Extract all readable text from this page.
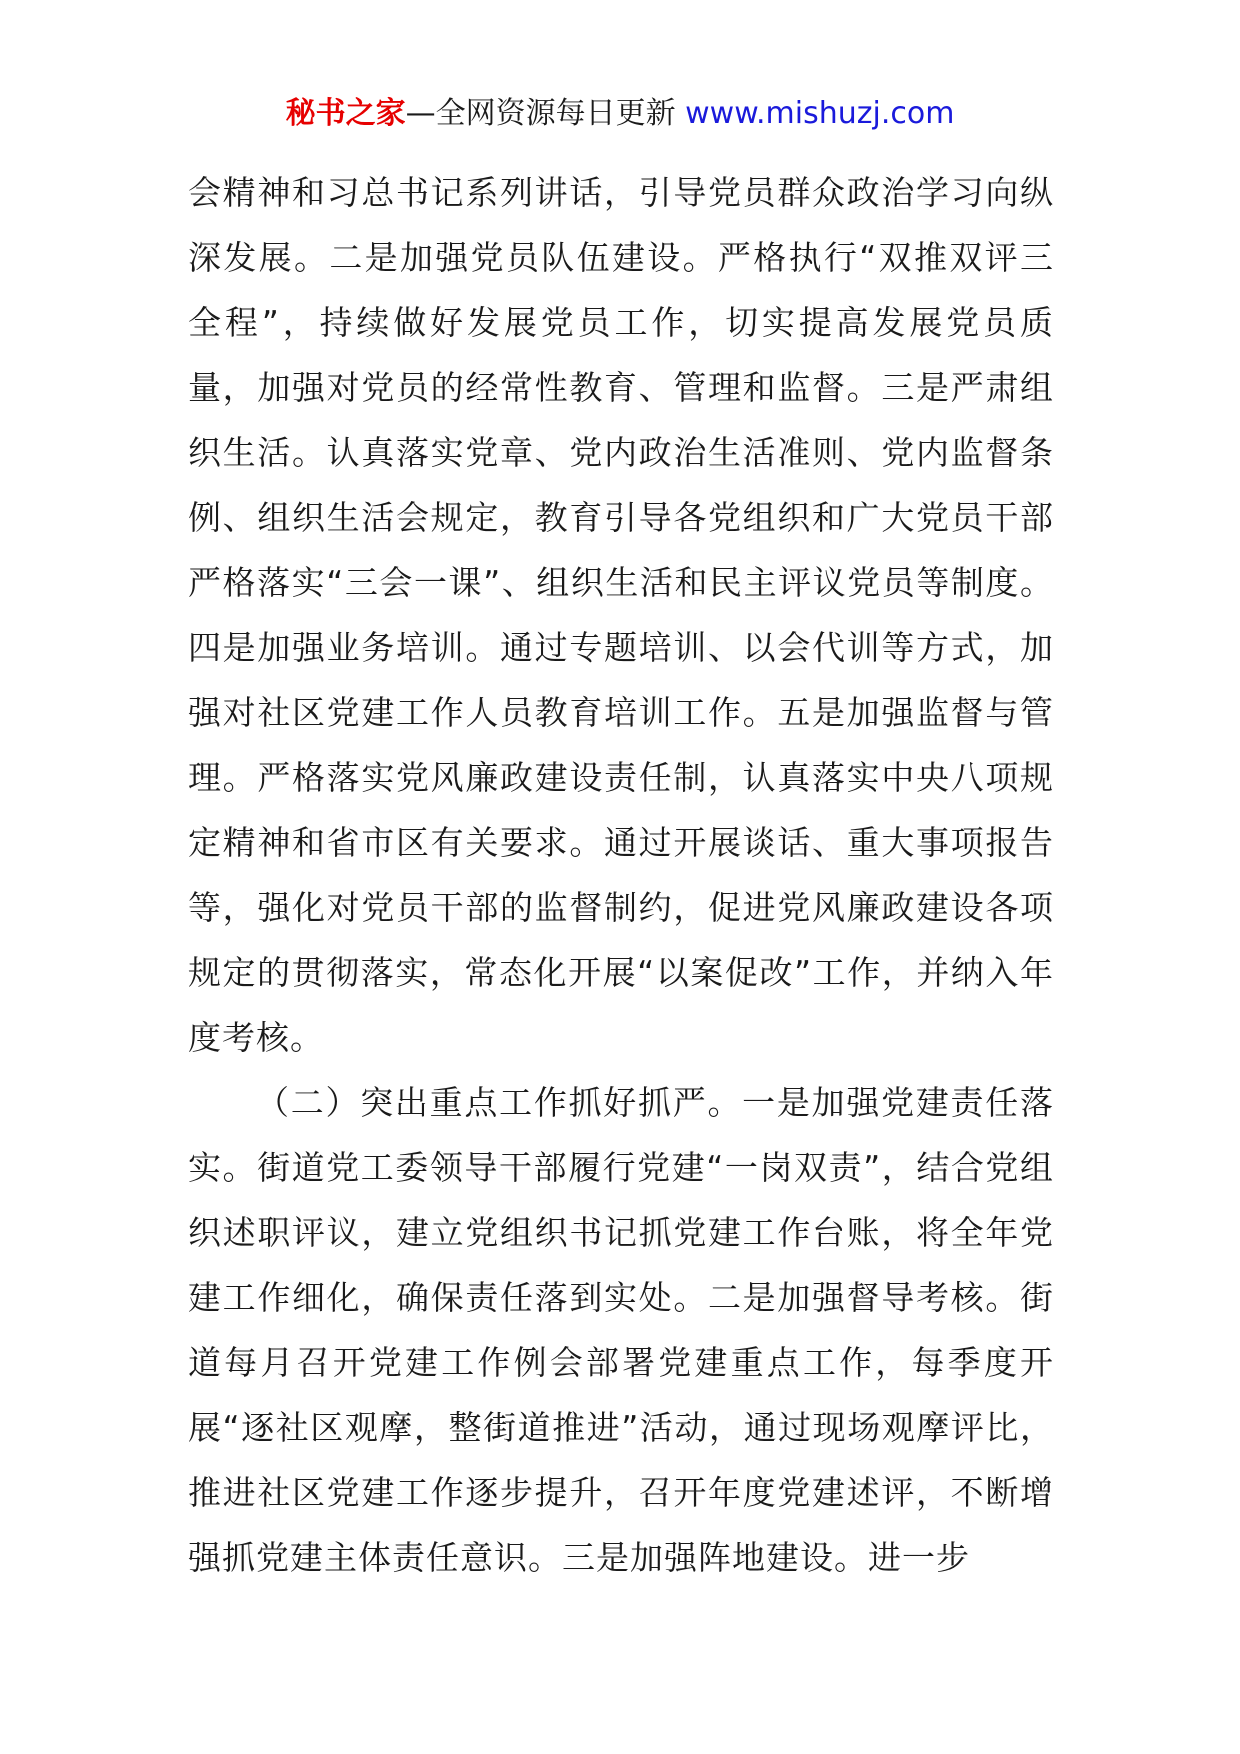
秘书之家—全网资源每日更新 www.mishuzj.com

会精神和习总书记系列讲话，引导党员群众政治学习向纵深发展。二是加强党员队伍建设。严格执行“双推双评三全程”，持续做好发展党员工作，切实提高发展党员质量，加强对党员的经常性教育、管理和监督。三是严肃组织生活。认真落实党章、党内政治生活准则、党内监督条例、组织生活会规定，教育引导各党组织和广大党员干部严格落实“三会一课”、组织生活和民主评议党员等制度。四是加强业务培训。通过专题培训、以会代训等方式，加强对社区党建工作人员教育培训工作。五是加强监督与管理。严格落实党风廉政建设责任制，认真落实中央八项规定精神和省市区有关要求。通过开展谈话、重大事项报告等，强化对党员干部的监督制约，促进党风廉政建设各项规定的贯彻落实，常态化开展“以案促改”工作，并纳入年度考核。

（二）突出重点工作抓好抓严。一是加强党建责任落实。街道党工委领导干部履行党建“一岗双责”，结合党组织述职评议，建立党组织书记抓党建工作台账，将全年党建工作细化，确保责任落到实处。二是加强督导考核。街道每月召开党建工作例会部署党建重点工作，每季度开展“逐社区观摩，整街道推进”活动，通过现场观摩评比，推进社区党建工作逐步提升，召开年度党建述评，不断增强抓党建主体责任意识。三是加强阵地建设。进一步
